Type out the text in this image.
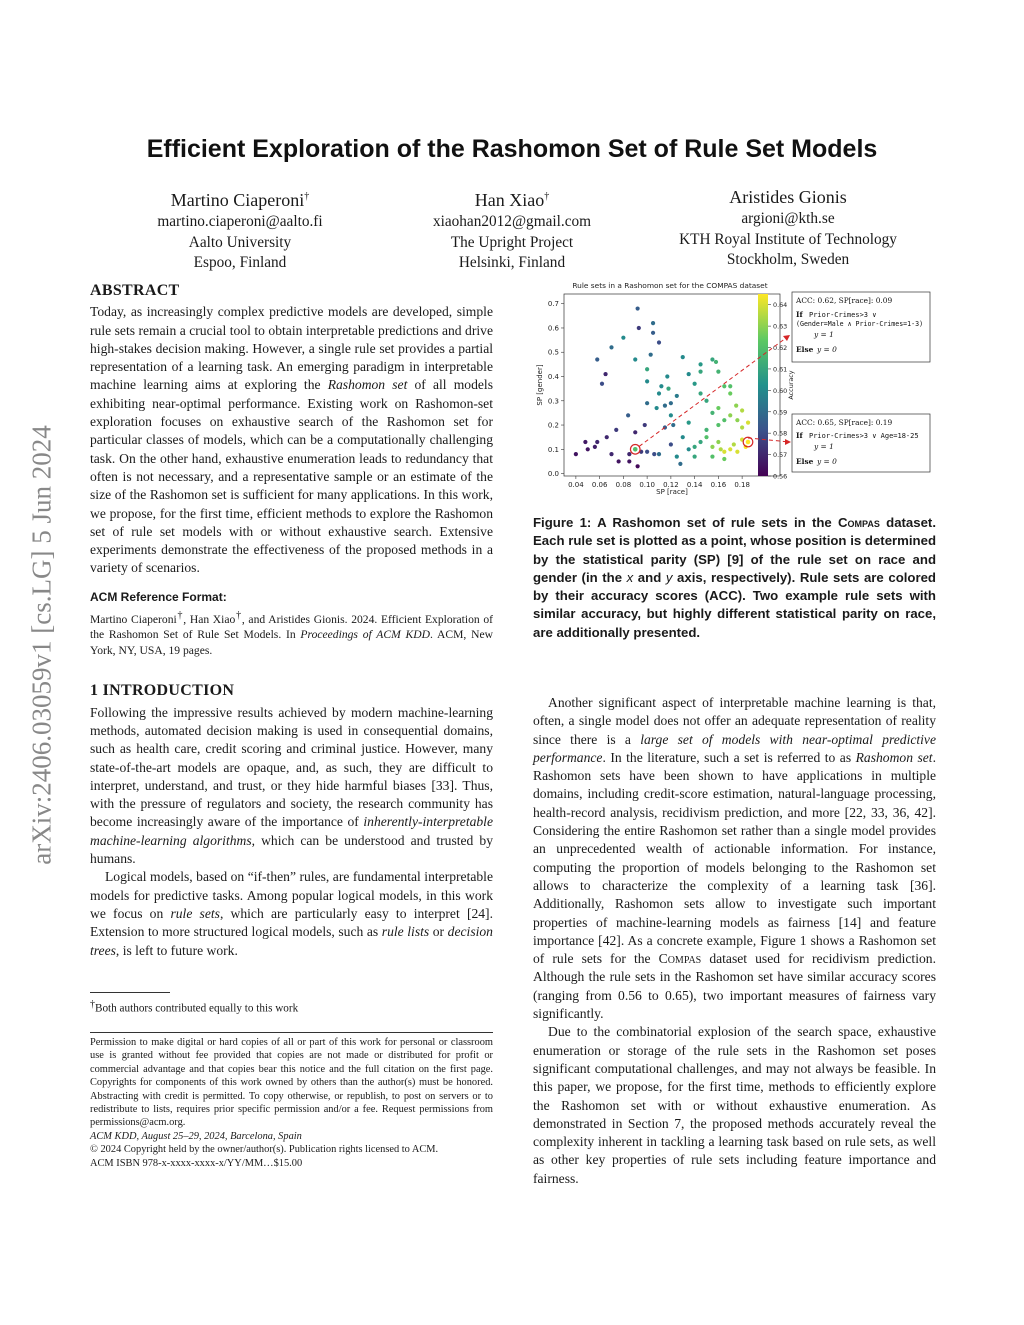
arXiv:2406.03059v1 [cs.LG] 5 Jun 2024
Efficient Exploration of the Rashomon Set of Rule Set Models
Martino Ciaperoni†
martino.ciaperoni@aalto.fi
Aalto University
Espoo, Finland
Han Xiao†
xiaohan2012@gmail.com
The Upright Project
Helsinki, Finland
Aristides Gionis
argioni@kth.se
KTH Royal Institute of Technology
Stockholm, Sweden
ABSTRACT

Today, as increasingly complex predictive models are developed, simple rule sets remain a crucial tool to obtain interpretable predictions and drive high-stakes decision making. However, a single rule set provides a partial representation of a learning task. An emerging paradigm in interpretable machine learning aims at exploring the Rashomon set of all models exhibiting near-optimal performance. Existing work on Rashomon-set exploration focuses on exhaustive search of the Rashomon set for particular classes of models, which can be a computationally challenging task. On the other hand, exhaustive enumeration leads to redundancy that often is not necessary, and a representative sample or an estimate of the size of the Rashomon set is sufficient for many applications. In this work, we propose, for the first time, efficient methods to explore the Rashomon set of rule set models with or without exhaustive search. Extensive experiments demonstrate the effectiveness of the proposed methods in a variety of scenarios.

ACM Reference Format:

Martino Ciaperoni†, Han Xiao†, and Aristides Gionis. 2024. Efficient Exploration of the Rashomon Set of Rule Set Models. In Proceedings of ACM KDD. ACM, New York, NY, USA, 19 pages.

1 INTRODUCTION

Following the impressive results achieved by modern machine-learning methods, automated decision making is used in consequential domains, such as health care, credit scoring and criminal justice. However, many state-of-the-art models are opaque, and, as such, they are difficult to interpret, understand, and trust, or they hide harmful biases [33]. Thus, with the pressure of regulators and society, the research community has become increasingly aware of the importance of inherently-interpretable machine-learning algorithms, which can be understood and trusted by humans.

Logical models, based on “if-then” rules, are fundamental interpretable models for predictive tasks. Among popular logical models, in this work we focus on rule sets, which are particularly easy to interpret [24]. Extension to more structured logical models, such as rule lists or decision trees, is left to future work.

†Both authors contributed equally to this work
Permission to make digital or hard copies of all or part of this work for personal or classroom use is granted without fee provided that copies are not made or distributed for profit or commercial advantage and that copies bear this notice and the full citation on the first page. Copyrights for components of this work owned by others than the author(s) must be honored. Abstracting with credit is permitted. To copy otherwise, or republish, to post on servers or to redistribute to lists, requires prior specific permission and/or a fee. Request permissions from permissions@acm.org.
ACM KDD, August 25–29, 2024, Barcelona, Spain
© 2024 Copyright held by the owner/author(s). Publication rights licensed to ACM.
ACM ISBN 978-x-xxxx-xxxx-x/YY/MM…$15.00
Rule sets in a Rashomon set for the COMPAS dataset
0.04 0.06 0.08 0.10 0.12 0.14 0.16 0.18
0.0
0.1
0.2
0.3
0.4
0.5
0.6
0.7
SP [race]
SP [gender]
0.56
0.57
0.58
0.59
0.60
0.61
0.62
0.63
0.64
Accuracy
ACC: 0.62, SP[race]: 0.09
If Prior-Crimes>3 ∨
(Gender=Male ∧ Prior-Crimes=1-3)
y = 1
Else y = 0
ACC: 0.65, SP[race]: 0.19
If Prior-Crimes>3 ∨ Age=18-25
y = 1
Else y = 0
Figure 1: A Rashomon set of rule sets in the Compas dataset. Each rule set is plotted as a point, whose position is determined by the statistical parity (SP) [9] of the rule set on race and gender (in the x and y axis, respectively). Rule sets are colored by their accuracy scores (ACC). Two example rule sets with similar accuracy, but highly different statistical parity on race, are additionally presented.

Another significant aspect of interpretable machine learning is that, often, a single model does not offer an adequate representation of reality since there is a large set of models with near-optimal predictive performance. In the literature, such a set is referred to as Rashomon set. Rashomon sets have been shown to have applications in multiple domains, including credit-score estimation, natural-language processing, health-record analysis, recidivism prediction, and more [22, 33, 36, 42]. Considering the entire Rashomon set rather than a single model provides an unprecedented wealth of actionable information. For instance, computing the proportion of models belonging to the Rashomon set allows to characterize the complexity of a learning task [36]. Additionally, Rashomon sets allow to investigate such important properties of machine-learning models as fairness [14] and feature importance [42]. As a concrete example, Figure 1 shows a Rashomon set of rule sets for the Compas dataset used for recidivism prediction. Although the rule sets in the Rashomon set have similar accuracy scores (ranging from 0.56 to 0.65), two important measures of fairness vary significantly.

Due to the combinatorial explosion of the search space, exhaustive enumeration or storage of the rule sets in the Rashomon set poses significant computational challenges, and may not always be feasible. In this paper, we propose, for the first time, methods to efficiently explore the Rashomon set with or without exhaustive enumeration. As demonstrated in Section 7, the proposed methods accurately reveal the complexity inherent in tackling a learning task based on rule sets, as well as other key properties of rule sets including feature importance and fairness.
